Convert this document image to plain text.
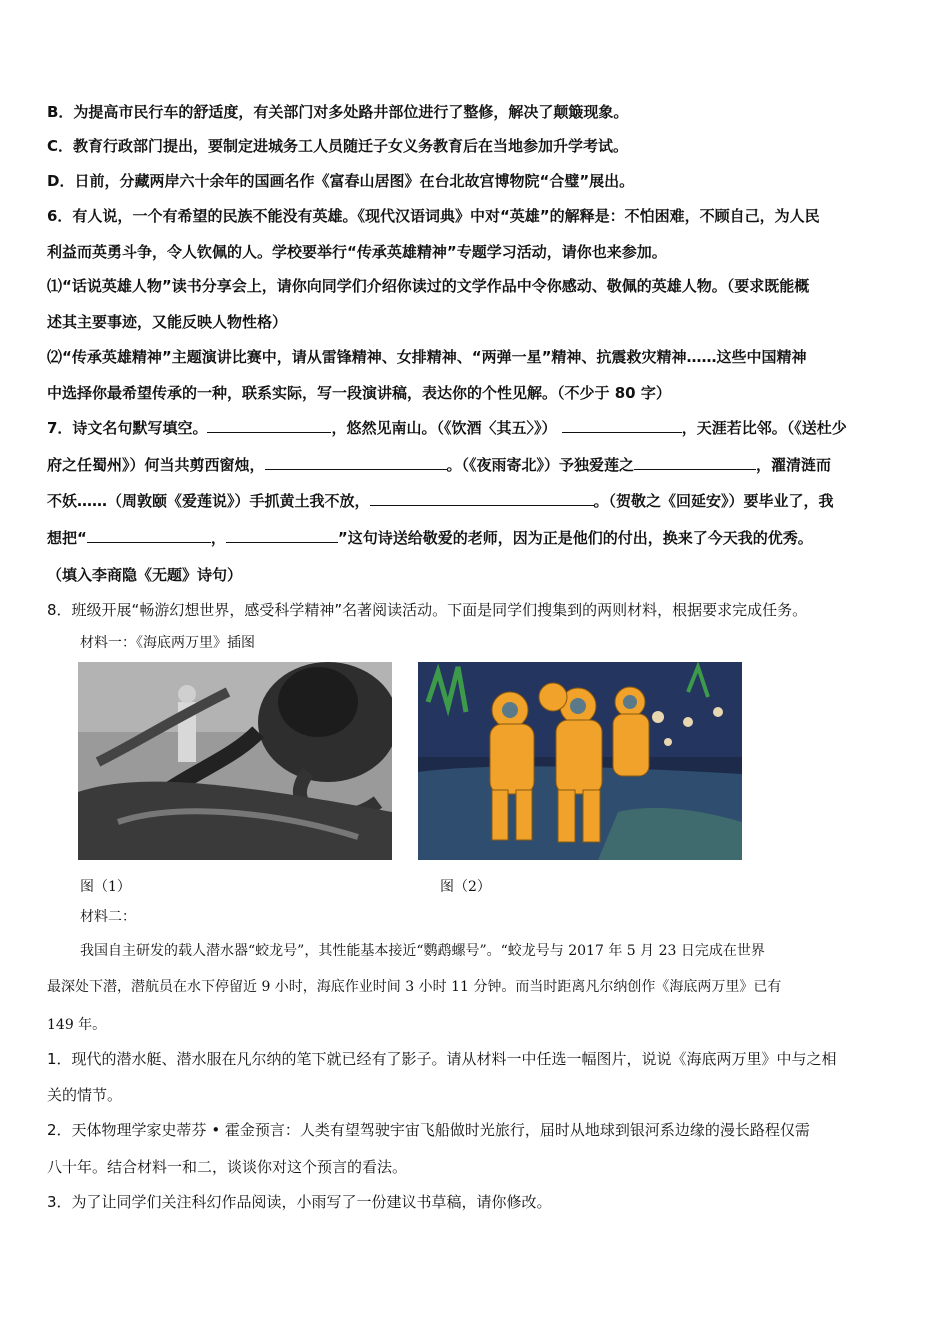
B．为提高市民行车的舒适度，有关部门对多处路井部位进行了整修，解决了颠簸现象。
C．教育行政部门提出，要制定进城务工人员随迁子女义务教育后在当地参加升学考试。
D．日前，分藏两岸六十余年的国画名作《富春山居图》在台北故宫博物院“合璧”展出。
6．有人说，一个有希望的民族不能没有英雄。《现代汉语词典》中对“英雄”的解释是：不怕困难，不顾自己，为人民
利益而英勇斗争，令人钦佩的人。学校要举行“传承英雄精神”专题学习活动，请你也来参加。
⑴“话说英雄人物”读书分享会上，请你向同学们介绍你读过的文学作品中令你感动、敬佩的英雄人物。（要求既能概
述其主要事迹，又能反映人物性格）
⑵“传承英雄精神”主题演讲比赛中，请从雷锋精神、女排精神、“两弹一星”精神、抗震救灾精神……这些中国精神
中选择你最希望传承的一种，联系实际，写一段演讲稿，表达你的个性见解。（不少于 80 字）
7．诗文名句默写填空。	，悠然见南山。（《饮酒〈其五〉》）	，天涯若比邻。（《送杜少
府之任蜀州》）何当共剪西窗烛，	。（《夜雨寄北》）予独爱莲之	，濯清涟而
不妖……（周敦颐《爱莲说》）手抓黄土我不放，	。（贺敬之《回延安》）要毕业了，我
想把“	，	”这句诗送给敬爱的老师，因为正是他们的付出，换来了今天我的优秀。
（填入李商隐《无题》诗句）
8．班级开展“畅游幻想世界，感受科学精神”名著阅读活动。下面是同学们搜集到的两则材料，根据要求完成任务。
材料一：《海底两万里》插图
图（1）	图（2）
材料二：
我国自主研发的载人潜水器“蛟龙号”，其性能基本接近“鹦鹉螺号”。“蛟龙号与 2017 年 5 月 23 日完成在世界
最深处下潜，潜航员在水下停留近 9 小时，海底作业时间 3 小时 11 分钟。而当时距离凡尔纳创作《海底两万里》已有
149 年。
1．现代的潜水艇、潜水服在凡尔纳的笔下就已经有了影子。请从材料一中任选一幅图片，说说《海底两万里》中与之相
关的情节。
2．天体物理学家史蒂芬 • 霍金预言：人类有望驾驶宇宙飞船做时光旅行，届时从地球到银河系边缘的漫长路程仅需
八十年。结合材料一和二，谈谈你对这个预言的看法。
3．为了让同学们关注科幻作品阅读，小雨写了一份建议书草稿，请你修改。
